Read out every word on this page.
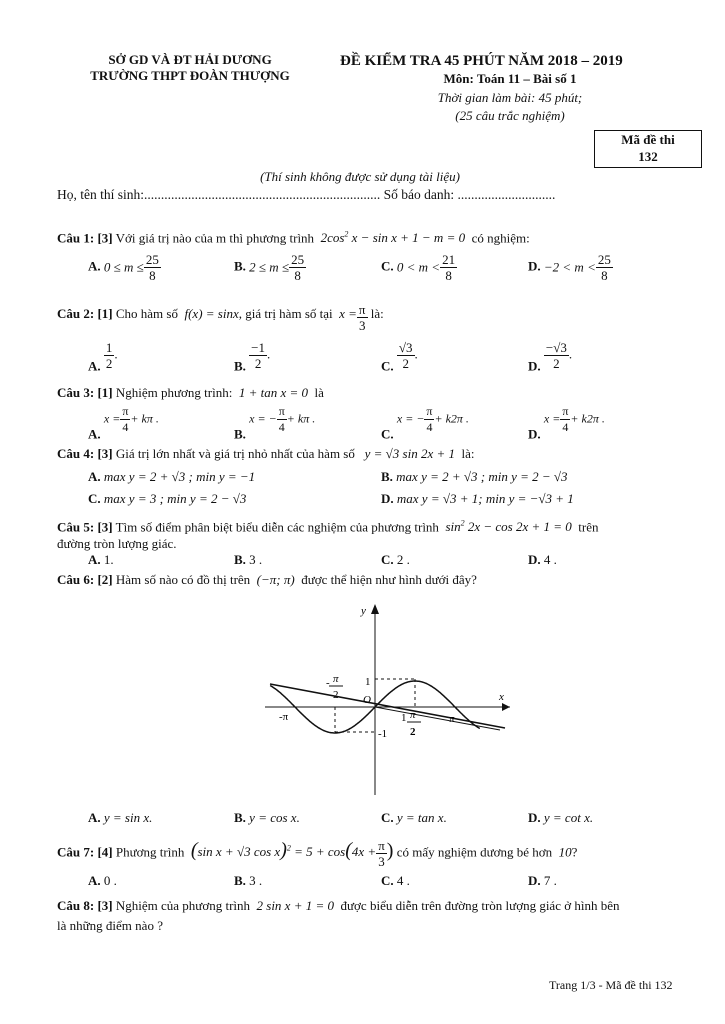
SỞ GD VÀ ĐT HẢI DƯƠNG
TRƯỜNG THPT ĐOÀN THƯỢNG
ĐỀ KIỂM TRA 45 PHÚT NĂM 2018 – 2019
Môn: Toán 11 – Bài số 1
Thời gian làm bài: 45 phút;
(25 câu trắc nghiệm)
Mã đề thi
132
(Thí sinh không được sử dụng tài liệu)
Họ, tên thí sinh:...................................................................... Số báo danh: .............................
Câu 1: [3] Với giá trị nào của m thì phương trình  $2\cos^2$ x − sin x + 1 − m = 0  có nghiệm:
A. $0 \le m \le \frac{25}{8}$	B. $2 \le m \le \frac{25}{8}$	C. $0 < m < \frac{21}{8}$	D. $-2 < m < \frac{25}{8}$
Câu 2: [1] Cho hàm số  f(x) = sinx, giá trị hàm số tại  $x = \frac{\pi}{3}$ là:
A. $\frac{1}{2}$ .
B. $\frac{-1}{2}$ .
C. $\frac{√3}{2}$ .
D. $\frac{-√3}{2}$ .
Câu 3: [1] Nghiệm phương trình:  1 + tan x = 0  là
A. $x = \frac{\pi}{4} + k\pi$ .
B. x = − $\frac{\pi}{4} + k\pi$ .
C. x = − $\frac{\pi}{4} + k2\pi$ .
D. $x = \frac{\pi}{4} + k2\pi$ .
Câu 4: [3] Giá trị lớn nhất và giá trị nhỏ nhất của hàm số   y = √3 sin 2x + 1  là:
A. max y = 2 + √3 ; min y = −1	B. max y = 2 + √3 ; min y = 2 − √3
C. max y = 3 ; min y = 2 − √3	D. max y = √3 + 1; min y = −√3 + 1
Câu 5: [3] Tìm số điểm phân biệt biểu diễn các nghiệm của phương trình  $\sin^2 2x - \cos 2x + 1 = 0$  trên
đường tròn lượng giác.
A. 1.	B. 3 .	C. 2 .	D. 4 .
Câu 6: [2] Hàm số nào có đồ thị trên  (−π; π)  được thể hiện như hình dưới đây?
y
x
O
1
-1
-π	π
π
-
2
1 π
2
A. y = sin x.	B. y = cos x.	C. y = tan x.	D. y = cot x.
Câu 7: [4] Phương trình (sin x + √3 $\cos x)^2 = 5 + \cos(4x + \frac{\pi}{3}$ ) có mấy nghiệm dương bé hơn  10?
A. 0 .	B. 3 .	C. 4 .	D. 7 .
Câu 8: [3] Nghiệm của phương trình  2 sin x + 1 = 0  được biểu diễn trên đường tròn lượng giác ở hình bên
là những điểm nào ?
Trang 1/3 - Mã đề thi 132
